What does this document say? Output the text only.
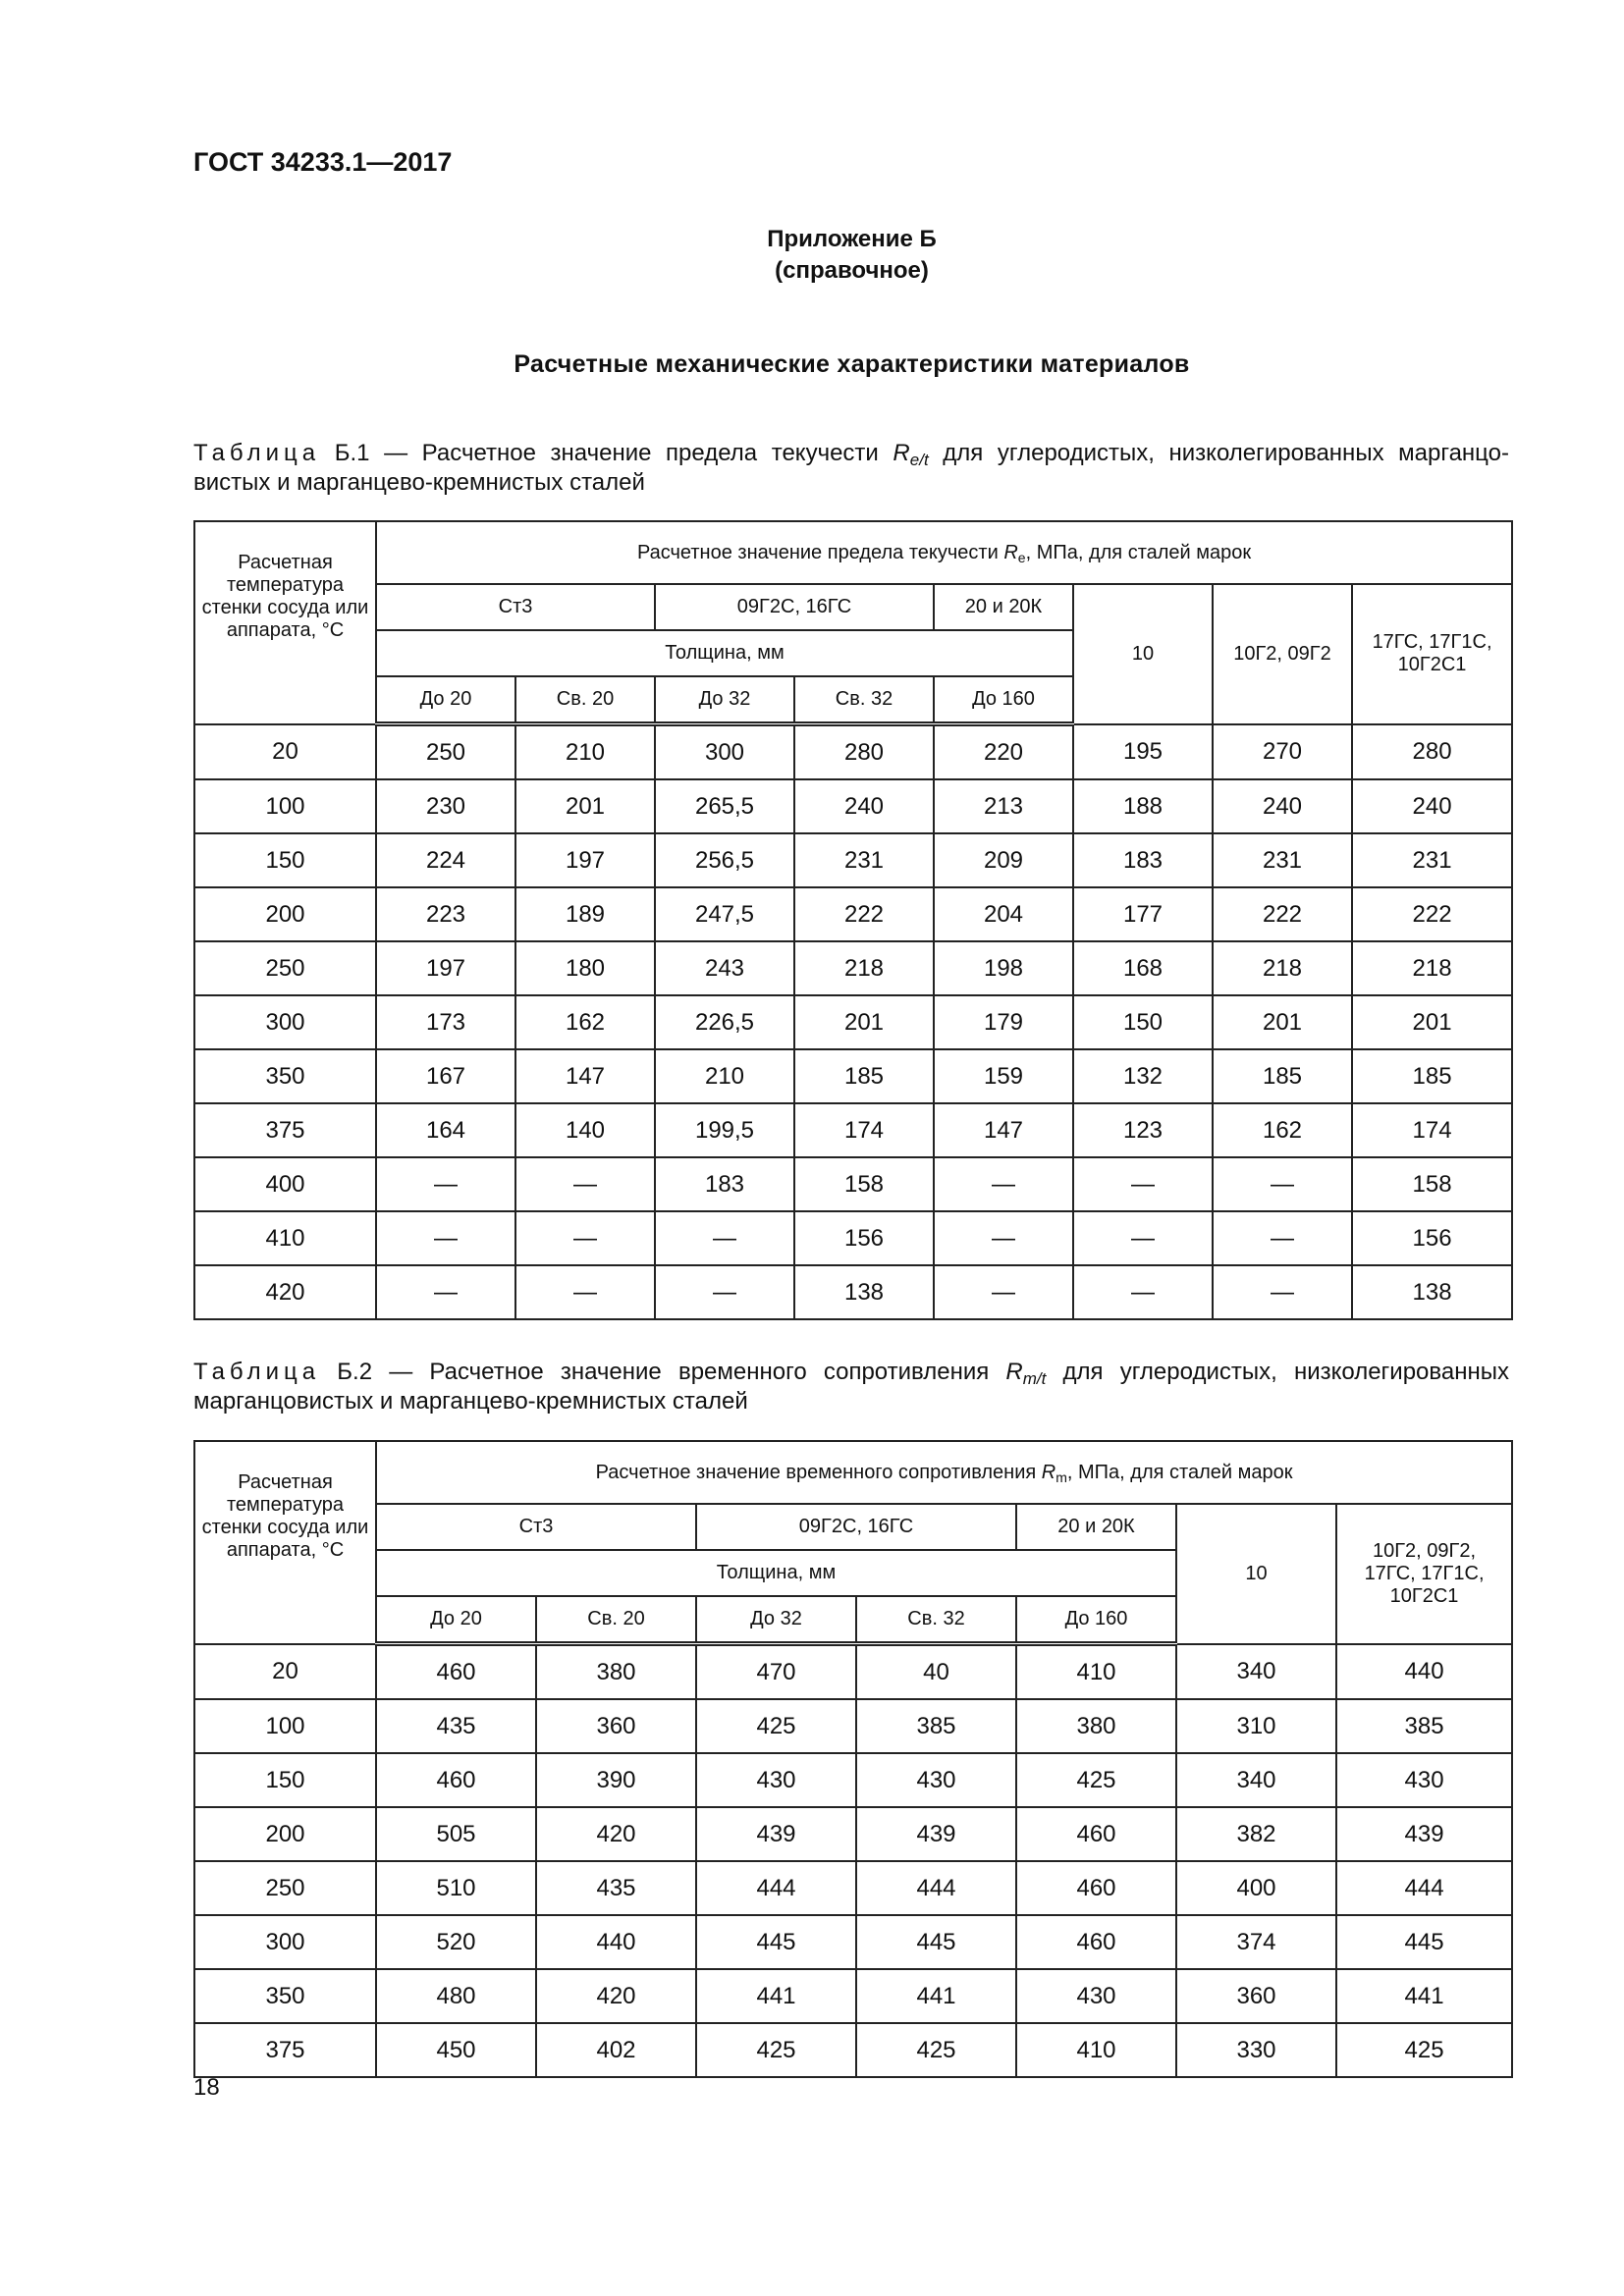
ГОСТ 34233.1—2017
Приложение Б
(справочное)
Расчетные механические характеристики материалов
Таблица Б.1 — Расчетное значение предела текучести $R_{e/t}$ для углеродистых, низколегированных марганцо-
вистых и марганцево-кремнистых сталей
Расчетная температура стенки сосуда или аппарата, °C	Расчетное значение предела текучести $R_e$, МПа, для сталей марок							
	Ст3		09Г2С, 16ГС		20 и 20К	10	10Г2, 09Г2	17ГС, 17Г1С, 10Г2С1
	Толщина, мм							
	До 20	Св. 20	До 32	Св. 32	До 160			
20	250	210	300	280	220	195	270	280
100	230	201	265,5	240	213	188	240	240
150	224	197	256,5	231	209	183	231	231
200	223	189	247,5	222	204	177	222	222
250	197	180	243	218	198	168	218	218
300	173	162	226,5	201	179	150	201	201
350	167	147	210	185	159	132	185	185
375	164	140	199,5	174	147	123	162	174
400	—	—	183	158	—	—	—	158
410	—	—	—	156	—	—	—	156
420	—	—	—	138	—	—	—	138
Таблица Б.2 — Расчетное значение временного сопротивления $R_{m/t}$ для углеродистых, низколегированных
марганцовистых и марганцево-кремнистых сталей
Расчетная температура стенки сосуда или аппарата, °C	Расчетное значение временного сопротивления $R_m$, МПа, для сталей марок						
	Ст3		09Г2С, 16ГС		20 и 20К	10	10Г2, 09Г2, 17ГС, 17Г1С, 10Г2С1
	Толщина, мм						
	До 20	Св. 20	До 32	Св. 32	До 160		
20	460	380	470	40	410	340	440
100	435	360	425	385	380	310	385
150	460	390	430	430	425	340	430
200	505	420	439	439	460	382	439
250	510	435	444	444	460	400	444
300	520	440	445	445	460	374	445
350	480	420	441	441	430	360	441
375	450	402	425	425	410	330	425
18
